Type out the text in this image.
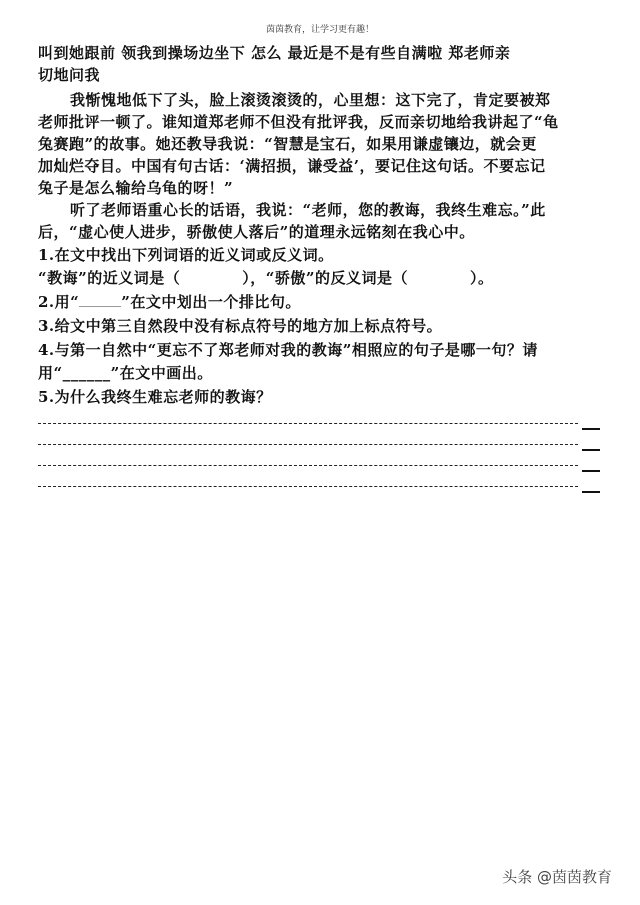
茵茵教育，让学习更有趣！
叫到她跟前 领我到操场边坐下 怎么 最近是不是有些自满啦 郑老师亲
切地问我
我惭愧地低下了头，脸上滚烫滚烫的，心里想：这下完了，肯定要被郑
老师批评一顿了。谁知道郑老师不但没有批评我，反而亲切地给我讲起了“龟
兔赛跑”的故事。她还教导我说：“智慧是宝石，如果用谦虚镶边，就会更
加灿烂夺目。中国有句古话：‘满招损，谦受益’，要记住这句话。不要忘记
兔子是怎么输给乌龟的呀！”
听了老师语重心长的话语，我说：“老师，您的教诲，我终生难忘。”此
后，“虚心使人进步，骄傲使人落后”的道理永远铭刻在我心中。
1.在文中找出下列词语的近义词或反义词。
“教诲”的近义词是（	），“骄傲”的反义词是（	）。
2.用“	”在文中划出一个排比句。
3.给文中第三自然段中没有标点符号的地方加上标点符号。
4.与第一自然中“更忘不了郑老师对我的教诲”相照应的句子是哪一句？请
用“______”在文中画出。
5.为什么我终生难忘老师的教诲？
头条 @茵茵教育
